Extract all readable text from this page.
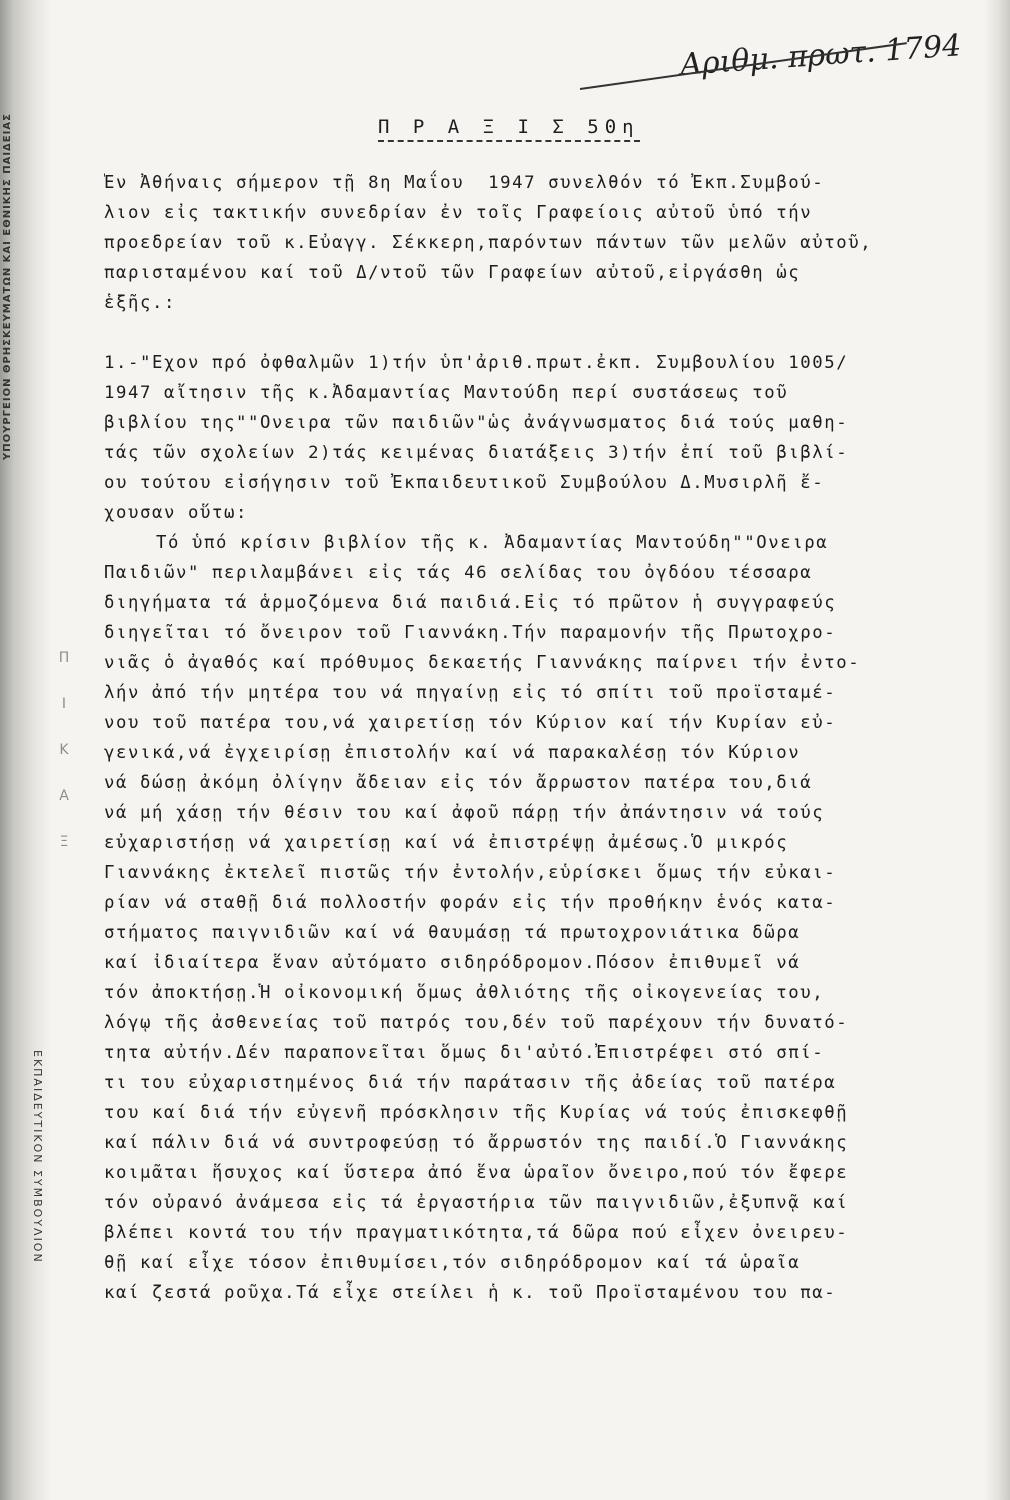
ΥΠΟΥΡΓΕΙΟΝ ΘΡΗΣΚΕΥΜΑΤΩΝ ΚΑΙ ΕΘΝΙΚΗΣ ΠΑΙΔΕΙΑΣ
ΕΚΠΑΙΔΕΥΤΙΚΟΝ ΣΥΜΒΟΥΛΙΟΝ
Π
Ι
Κ
Α
Ξ
Αριθμ. πρωτ. 1794
Π Ρ Α Ξ Ι Σ 50η
Ἐν Ἀθήναις σήμερον τῇ 8η Μαΐου  1947 συνελθόν τό Ἐκπ.Συμβού-
λιον εἰς τακτικήν συνεδρίαν ἐν τοῖς Γραφείοις αὐτοῦ ὑπό τήν
προεδρείαν τοῦ κ.Εὐαγγ. Σέκκερη,παρόντων πάντων τῶν μελῶν αὐτοῦ,
παρισταμένου καί τοῦ Δ/ντοῦ τῶν Γραφείων αὐτοῦ,εἰργάσθη ὡς
ἑξῆς.:
1.-"Εχον πρό ὀφθαλμῶν 1)τήν ὑπ'ἀριθ.πρωτ.ἐκπ. Συμβουλίου 1005/
1947 αἴτησιν τῆς κ.Ἀδαμαντίας Μαντούδη περί συστάσεως τοῦ
βιβλίου της""Ονειρα τῶν παιδιῶν"ὡς ἀνάγνωσματος διά τούς μαθη-
τάς τῶν σχολείων 2)τάς κειμένας διατάξεις 3)τήν ἐπί τοῦ βιβλί-
ου τούτου εἰσήγησιν τοῦ Ἐκπαιδευτικοῦ Συμβούλου Δ.Μυσιρλῆ ἔ-
χουσαν οὕτω:
Τό ὑπό κρίσιν βιβλίον τῆς κ. Ἀδαμαντίας Μαντούδη""Ονειρα
Παιδιῶν" περιλαμβάνει εἰς τάς 46 σελίδας του ὀγδόου τέσσαρα
διηγήματα τά ἁρμοζόμενα διά παιδιά.Εἰς τό πρῶτον ἡ συγγραφεύς
διηγεῖται τό ὄνειρον τοῦ Γιαννάκη.Τήν παραμονήν τῆς Πρωτοχρο-
νιᾶς ὁ ἀγαθός καί πρόθυμος δεκαετής Γιαννάκης παίρνει τήν ἐντο-
λήν ἀπό τήν μητέρα του νά πηγαίνῃ εἰς τό σπίτι τοῦ προϊσταμέ-
νου τοῦ πατέρα του,νά χαιρετίσῃ τόν Κύριον καί τήν Κυρίαν εὐ-
γενικά,νά ἐγχειρίσῃ ἐπιστολήν καί νά παρακαλέσῃ τόν Κύριον
νά δώσῃ ἀκόμη ὀλίγην ἄδειαν εἰς τόν ἄρρωστον πατέρα του,διά
νά μή χάσῃ τήν θέσιν του καί ἀφοῦ πάρῃ τήν ἀπάντησιν νά τούς
εὐχαριστήσῃ νά χαιρετίσῃ καί νά ἐπιστρέψῃ ἀμέσως.Ὁ μικρός
Γιαννάκης ἐκτελεῖ πιστῶς τήν ἐντολήν,εὑρίσκει ὅμως τήν εὐκαι-
ρίαν νά σταθῇ διά πολλοστήν φοράν εἰς τήν προθήκην ἑνός κατα-
στήματος παιγνιδιῶν καί νά θαυμάσῃ τά πρωτοχρονιάτικα δῶρα
καί ἰδιαίτερα ἕναν αὐτόματο σιδηρόδρομον.Πόσον ἐπιθυμεῖ νά
τόν ἀποκτήσῃ.Ἡ οἰκονομική ὅμως ἀθλιότης τῆς οἰκογενείας του,
λόγῳ τῆς ἀσθενείας τοῦ πατρός του,δέν τοῦ παρέχουν τήν δυνατό-
τητα αὐτήν.Δέν παραπονεῖται ὅμως δι'αὐτό.Ἐπιστρέφει στό σπί-
τι του εὐχαριστημένος διά τήν παράτασιν τῆς ἀδείας τοῦ πατέρα
του καί διά τήν εὐγενῆ πρόσκλησιν τῆς Κυρίας νά τούς ἐπισκεφθῇ
καί πάλιν διά νά συντροφεύσῃ τό ἄρρωστόν της παιδί.Ὁ Γιαννάκης
κοιμᾶται ἥσυχος καί ὕστερα ἀπό ἕνα ὡραῖον ὄνειρο,πού τόν ἔφερε
τόν οὐρανό ἀνάμεσα εἰς τά ἐργαστήρια τῶν παιγνιδιῶν,ἐξυπνᾷ καί
βλέπει κοντά του τήν πραγματικότητα,τά δῶρα πού εἶχεν ὀνειρευ-
θῇ καί εἶχε τόσον ἐπιθυμίσει,τόν σιδηρόδρομον καί τά ὡραῖα
καί ζεστά ροῦχα.Τά εἶχε στείλει ἡ κ. τοῦ Προϊσταμένου του πα-
